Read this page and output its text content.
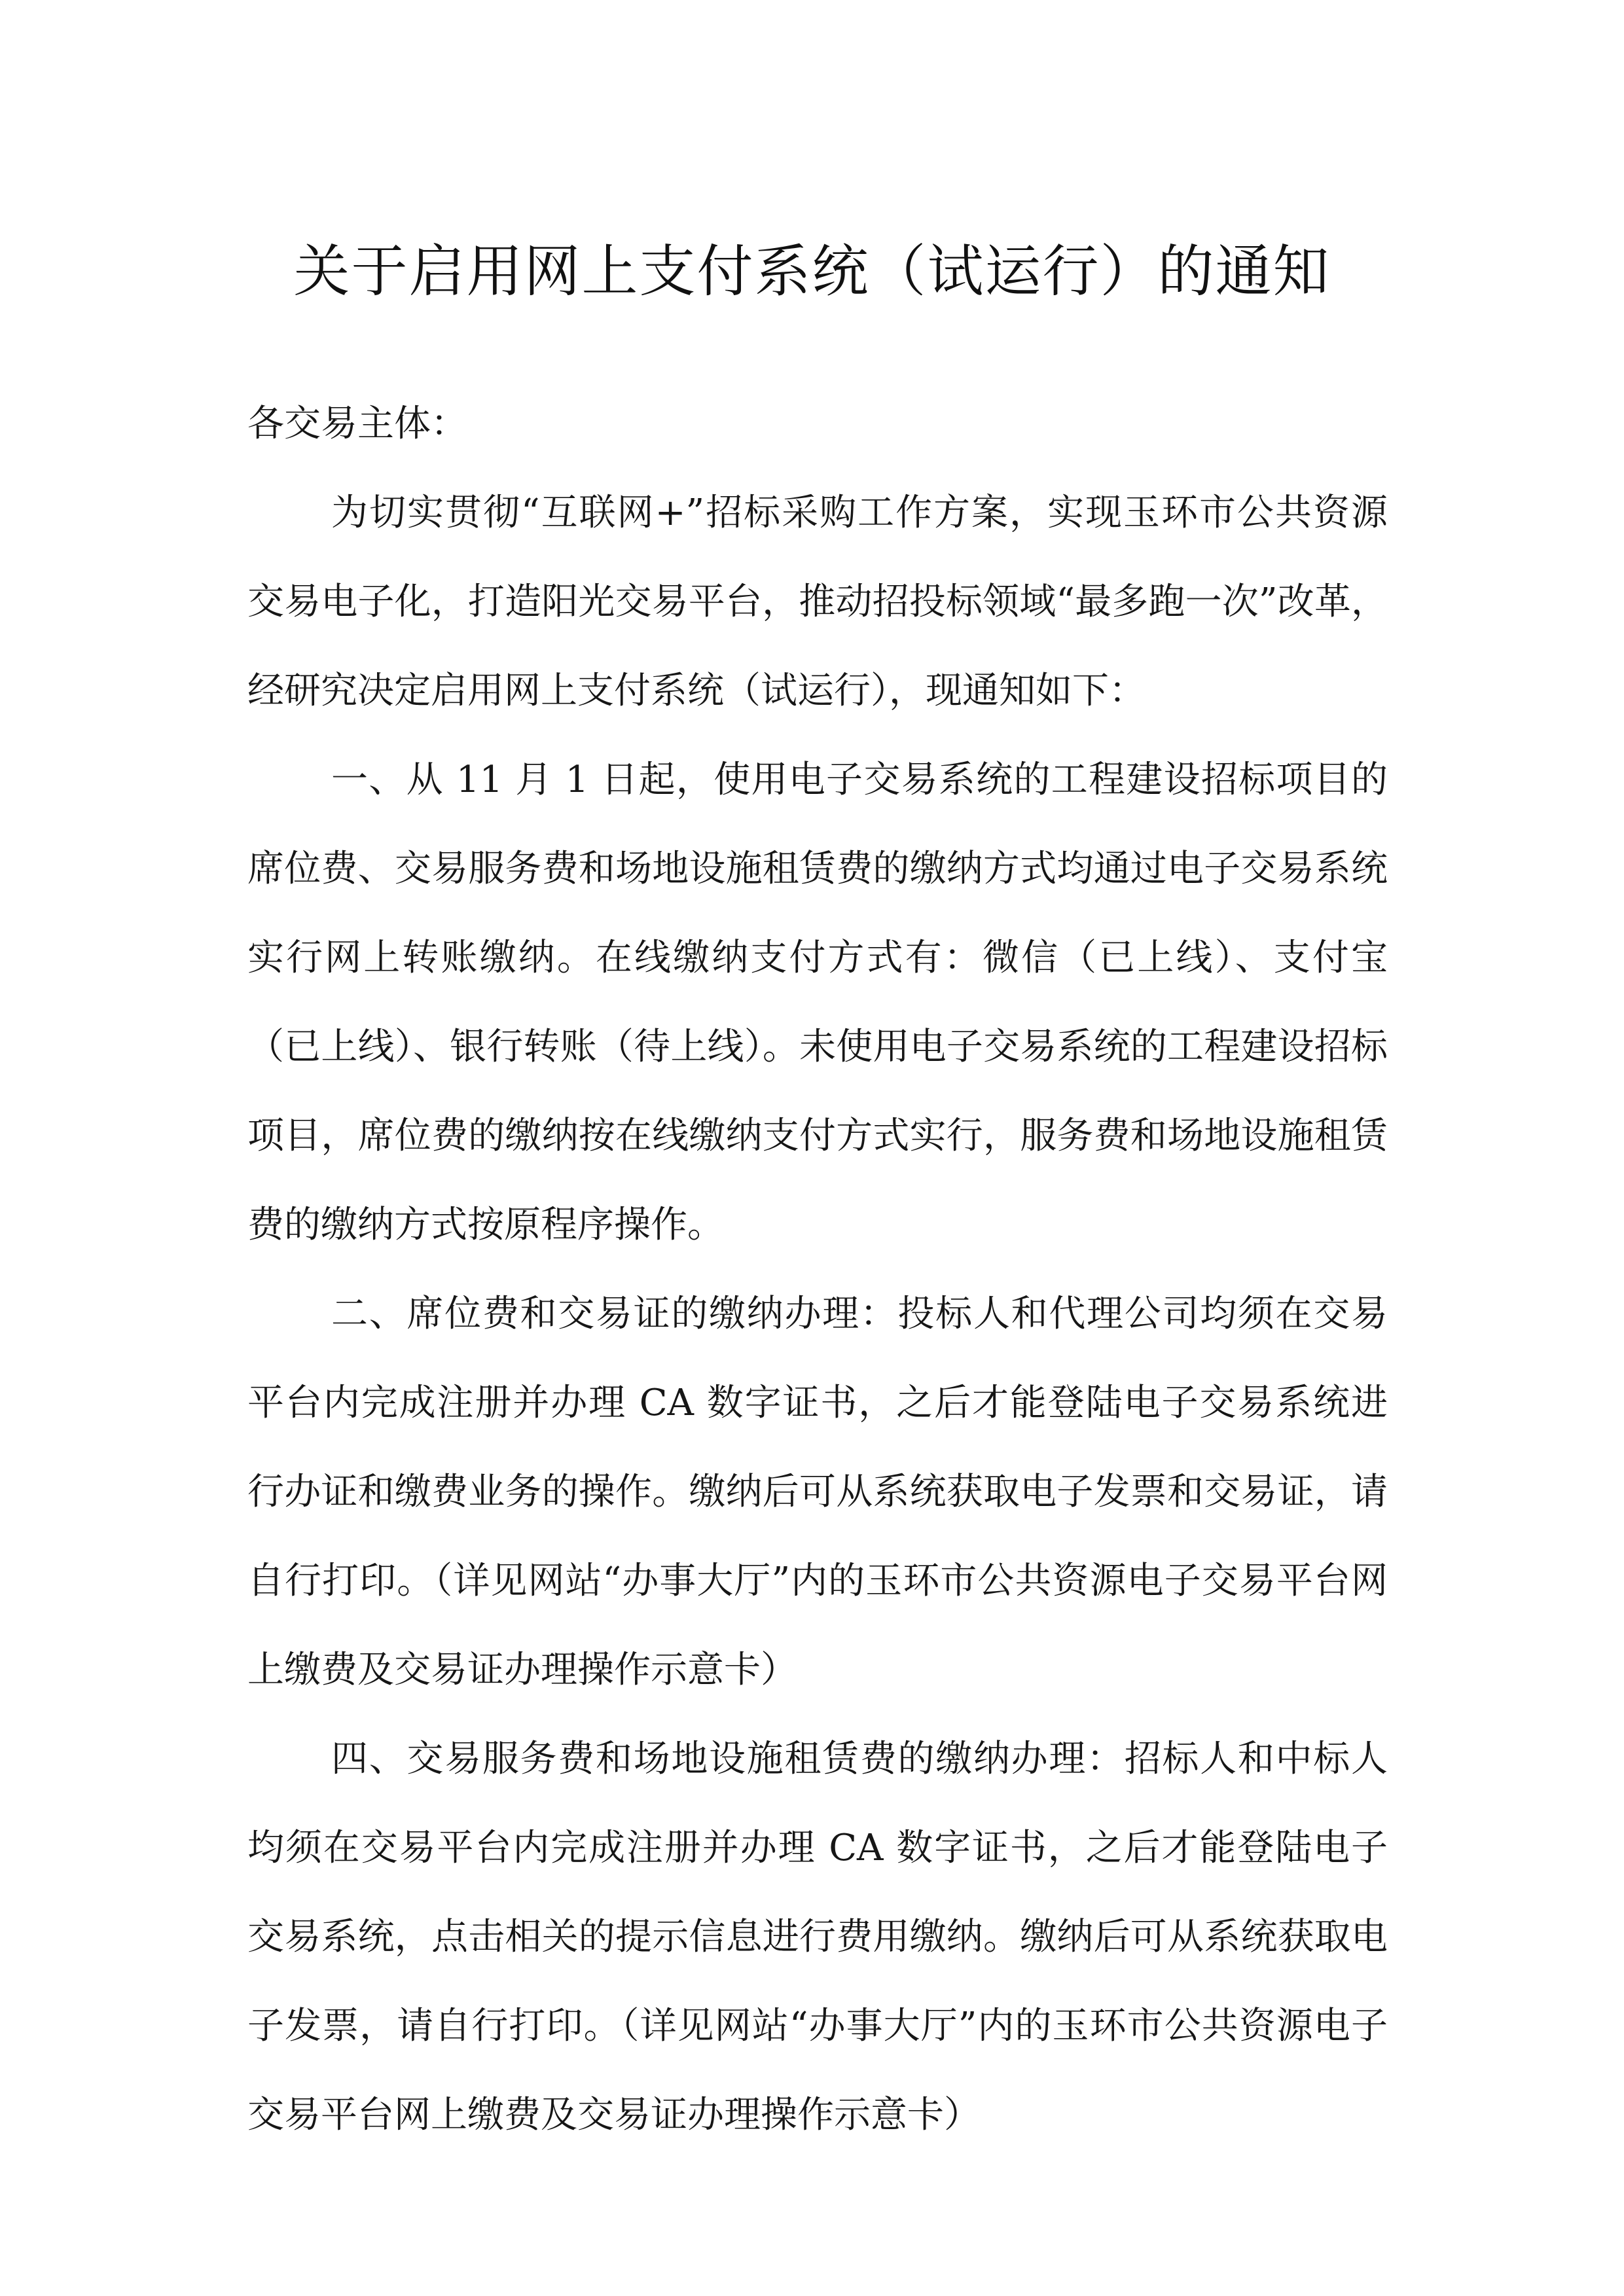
关于启用网上支付系统（试运行）的通知

各交易主体：

为切实贯彻“互联网+”招标采购工作方案，实现玉环市公共资源交易电子化，打造阳光交易平台，推动招投标领域“最多跑一次”改革，经研究决定启用网上支付系统（试运行），现通知如下：

一、从 11 月 1 日起，使用电子交易系统的工程建设招标项目的席位费、交易服务费和场地设施租赁费的缴纳方式均通过电子交易系统实行网上转账缴纳。在线缴纳支付方式有：微信（已上线）、支付宝（已上线）、银行转账（待上线）。未使用电子交易系统的工程建设招标项目，席位费的缴纳按在线缴纳支付方式实行，服务费和场地设施租赁费的缴纳方式按原程序操作。

二、席位费和交易证的缴纳办理：投标人和代理公司均须在交易平台内完成注册并办理 CA 数字证书，之后才能登陆电子交易系统进行办证和缴费业务的操作。缴纳后可从系统获取电子发票和交易证，请自行打印。（详见网站“办事大厅”内的玉环市公共资源电子交易平台网上缴费及交易证办理操作示意卡）

四、交易服务费和场地设施租赁费的缴纳办理：招标人和中标人均须在交易平台内完成注册并办理 CA 数字证书，之后才能登陆电子交易系统，点击相关的提示信息进行费用缴纳。缴纳后可从系统获取电子发票，请自行打印。（详见网站“办事大厅”内的玉环市公共资源电子交易平台网上缴费及交易证办理操作示意卡）
